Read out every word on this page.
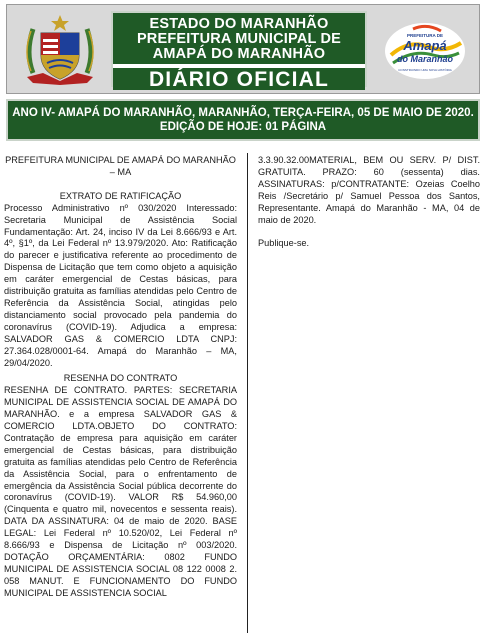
ESTADO DO MARANHÃO
PREFEITURA MUNICIPAL DE
AMAPÁ DO MARANHÃO
DIÁRIO OFICIAL
PREFEITURA DE
Amapá
do Maranhão
CONSTRUINDO UMA NOVA HISTÓRIA
ANO IV- AMAPÁ DO MARANHÃO, MARANHÃO, TERÇA-FEIRA, 05 DE MAIO DE 2020.
EDIÇÃO DE HOJE: 01 PÁGINA

PREFEITURA MUNICIPAL DE AMAPÁ DO MARANHÃO – MA

EXTRATO DE RATIFICAÇÃO

Processo Administrativo nº 030/2020 Interessado: Secretaria Municipal de Assistência Social Fundamentação: Art. 24, inciso IV da Lei 8.666/93 e Art. 4º, §1º, da Lei Federal nº 13.979/2020. Ato: Ratificação do parecer e justificativa referente ao procedimento de Dispensa de Licitação que tem como objeto a aquisição em caráter emergencial de Cestas básicas, para distribuição gratuita as famílias atendidas pelo Centro de Referência da Assistência Social, atingidas pelo distanciamento social provocado pela pandemia do coronavírus (COVID-19). Adjudica a empresa: SALVADOR GAS & COMERCIO LDTA CNPJ: 27.364.028/0001-64. Amapá do Maranhão – MA, 29/04/2020.

RESENHA DO CONTRATO

RESENHA DE CONTRATO. PARTES: SECRETARIA MUNICIPAL DE ASSISTENCIA SOCIAL DE AMAPÁ DO MARANHÃO. e a empresa SALVADOR GAS & COMERCIO LDTA.OBJETO DO CONTRATO: Contratação de empresa para aquisição em caráter emergencial de Cestas básicas, para distribuição gratuita as famílias atendidas pelo Centro de Referência da Assistência Social, para o enfrentamento de emergência da Assistência Social pública decorrente do coronavírus (COVID-19). VALOR R$ 54.960,00 (Cinquenta e quatro mil, novecentos e sessenta reais). DATA DA ASSINATURA: 04 de maio de 2020. BASE LEGAL: Lei Federal nº 10.520/02, Lei Federal nº 8.666/93 e Dispensa de Licitação nº 003/2020. DOTAÇÃO ORÇAMENTÁRIA: 0802 FUNDO MUNICIPAL DE ASSISTENCIA SOCIAL 08 122 0008 2. 058 MANUT. E FUNCIONAMENTO DO FUNDO MUNICIPAL DE ASSISTENCIA SOCIAL

3.3.90.32.00MATERIAL, BEM OU SERV. P/ DIST. GRATUITA. PRAZO: 60 (sessenta) dias. ASSINATURAS: p/CONTRATANTE: Ozeias Coelho Reis /Secretário p/ Samuel Pessoa dos Santos, Representante. Amapá do Maranhão - MA, 04 de maio de 2020.

Publique-se.
